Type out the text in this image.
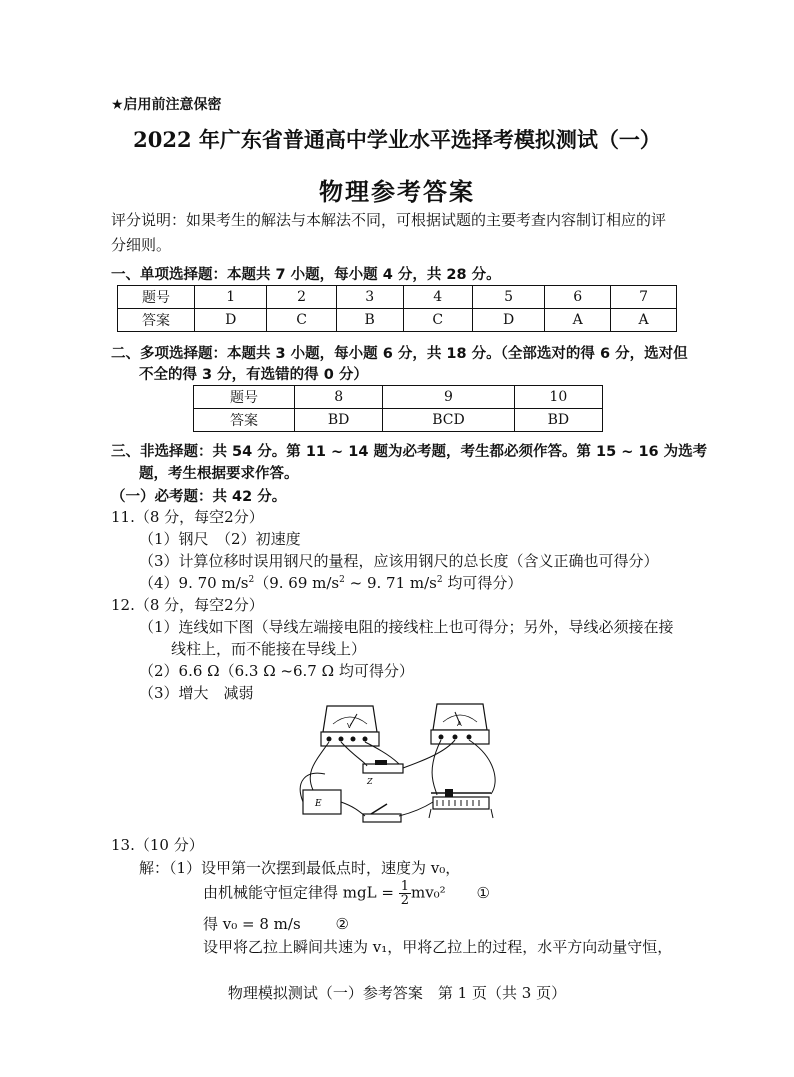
★启用前注意保密
2022 年广东省普通高中学业水平选择考模拟测试（一）
物理参考答案
评分说明：如果考生的解法与本解法不同，可根据试题的主要考查内容制订相应的评
分细则。
一、单项选择题：本题共 7 小题，每小题 4 分，共 28 分。
题号	1	2	3	4	5	6	7
答案	D	C	B	C	D	A	A
二、多项选择题：本题共 3 小题，每小题 6 分，共 18 分。（全部选对的得 6 分，选对但
不全的得 3 分，有选错的得 0 分）
题号	8	9	10
答案	BD	BCD	BD
三、非选择题：共 54 分。第 11 ~ 14 题为必考题，考生都必须作答。第 15 ~ 16 为选考
题，考生根据要求作答。
（一）必考题：共 42 分。
11.（8 分，每空2分）
（1）钢尺　（2）初速度
（3）计算位移时误用钢尺的量程，应该用钢尺的总长度（含义正确也可得分）
（4）9. 70 $m/s^2(9$. 69 $m/s^2$ ~ 9. 71 $m/s^2$ 均可得分）
12.（8 分，每空2分）
（1）连线如下图（导线左端接电阻的接线柱上也可得分；另外，导线必须接在接
线柱上，而不能接在导线上）
（2）6.6 Ω（6.3 Ω ~6.7 Ω 均可得分）
（3）增大　减弱
V	A
Z
E
13.（10 分）
解：（1）设甲第一次摆到最低点时，速度为 v₀，
由机械能守恒定律得 mgL = $\frac{1}{2} mv_0^2$ ①
得 v₀ = 8 m/s ②
设甲将乙拉上瞬间共速为 v₁，甲将乙拉上的过程，水平方向动量守恒，
物理模拟测试（一）参考答案　第 1 页（共 3 页）
